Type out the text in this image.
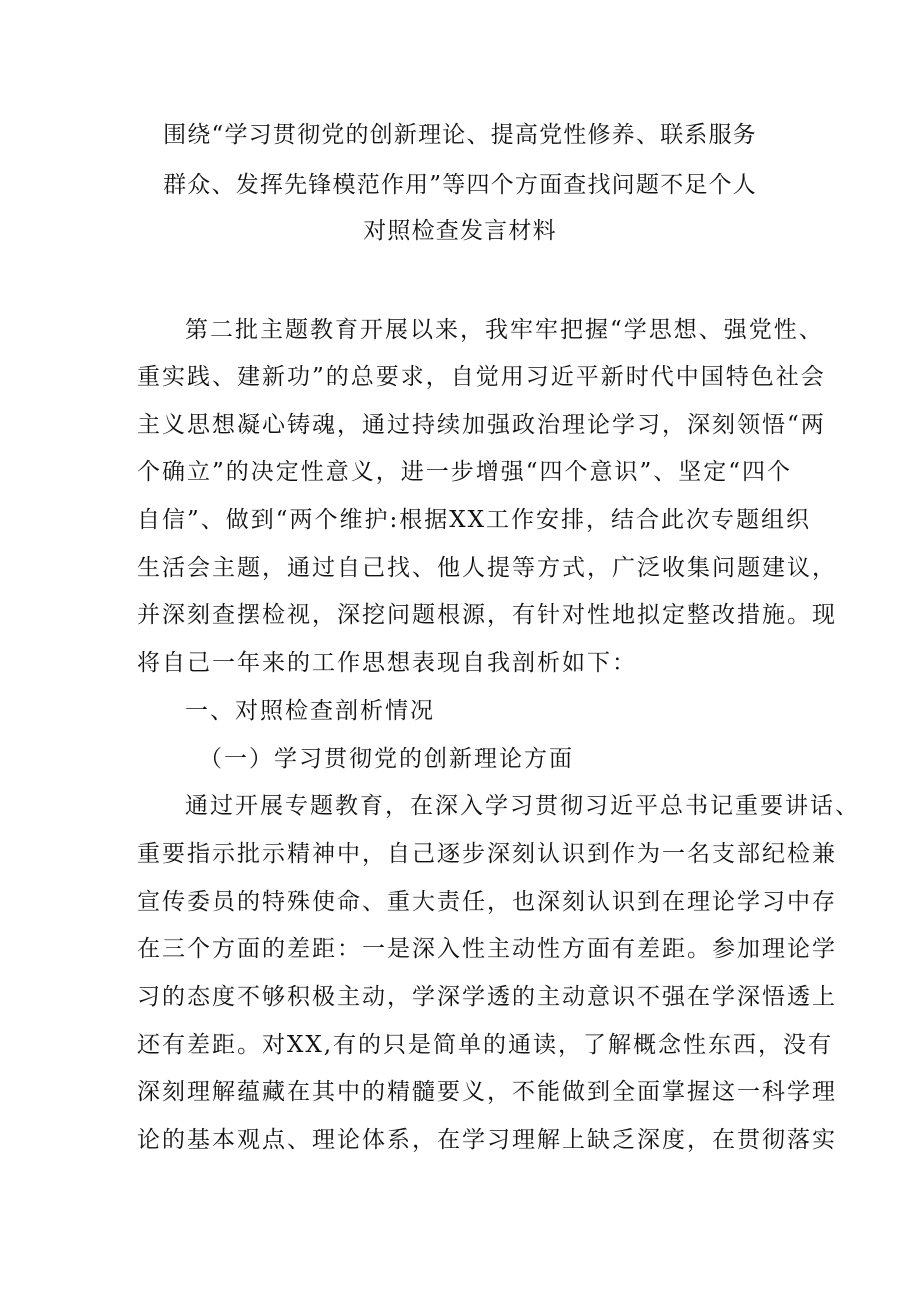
围绕“学习贯彻党的创新理论、提高党性修养、联系服务
群众、发挥先锋模范作用”等四个方面查找问题不足个人
对照检查发言材料
第二批主题教育开展以来，我牢牢把握“学思想、强党性、
重实践、建新功”的总要求，自觉用习近平新时代中国特色社会
主义思想凝心铸魂，通过持续加强政治理论学习，深刻领悟“两
个确立”的决定性意义，进一步增强“四个意识”、坚定“四个
自信”、做到“两个维护:根据XX工作安排，结合此次专题组织
生活会主题，通过自己找、他人提等方式，广泛收集问题建议，
并深刻查摆检视，深挖问题根源，有针对性地拟定整改措施。现
将自己一年来的工作思想表现自我剖析如下：
一、对照检查剖析情况
（一）学习贯彻党的创新理论方面
通过开展专题教育，在深入学习贯彻习近平总书记重要讲话、
重要指示批示精神中，自己逐步深刻认识到作为一名支部纪检兼
宣传委员的特殊使命、重大责任，也深刻认识到在理论学习中存
在三个方面的差距：一是深入性主动性方面有差距。参加理论学
习的态度不够积极主动，学深学透的主动意识不强在学深悟透上
还有差距。对XX,有的只是简单的通读，了解概念性东西，没有
深刻理解蕴藏在其中的精髓要义，不能做到全面掌握这一科学理
论的基本观点、理论体系，在学习理解上缺乏深度，在贯彻落实
